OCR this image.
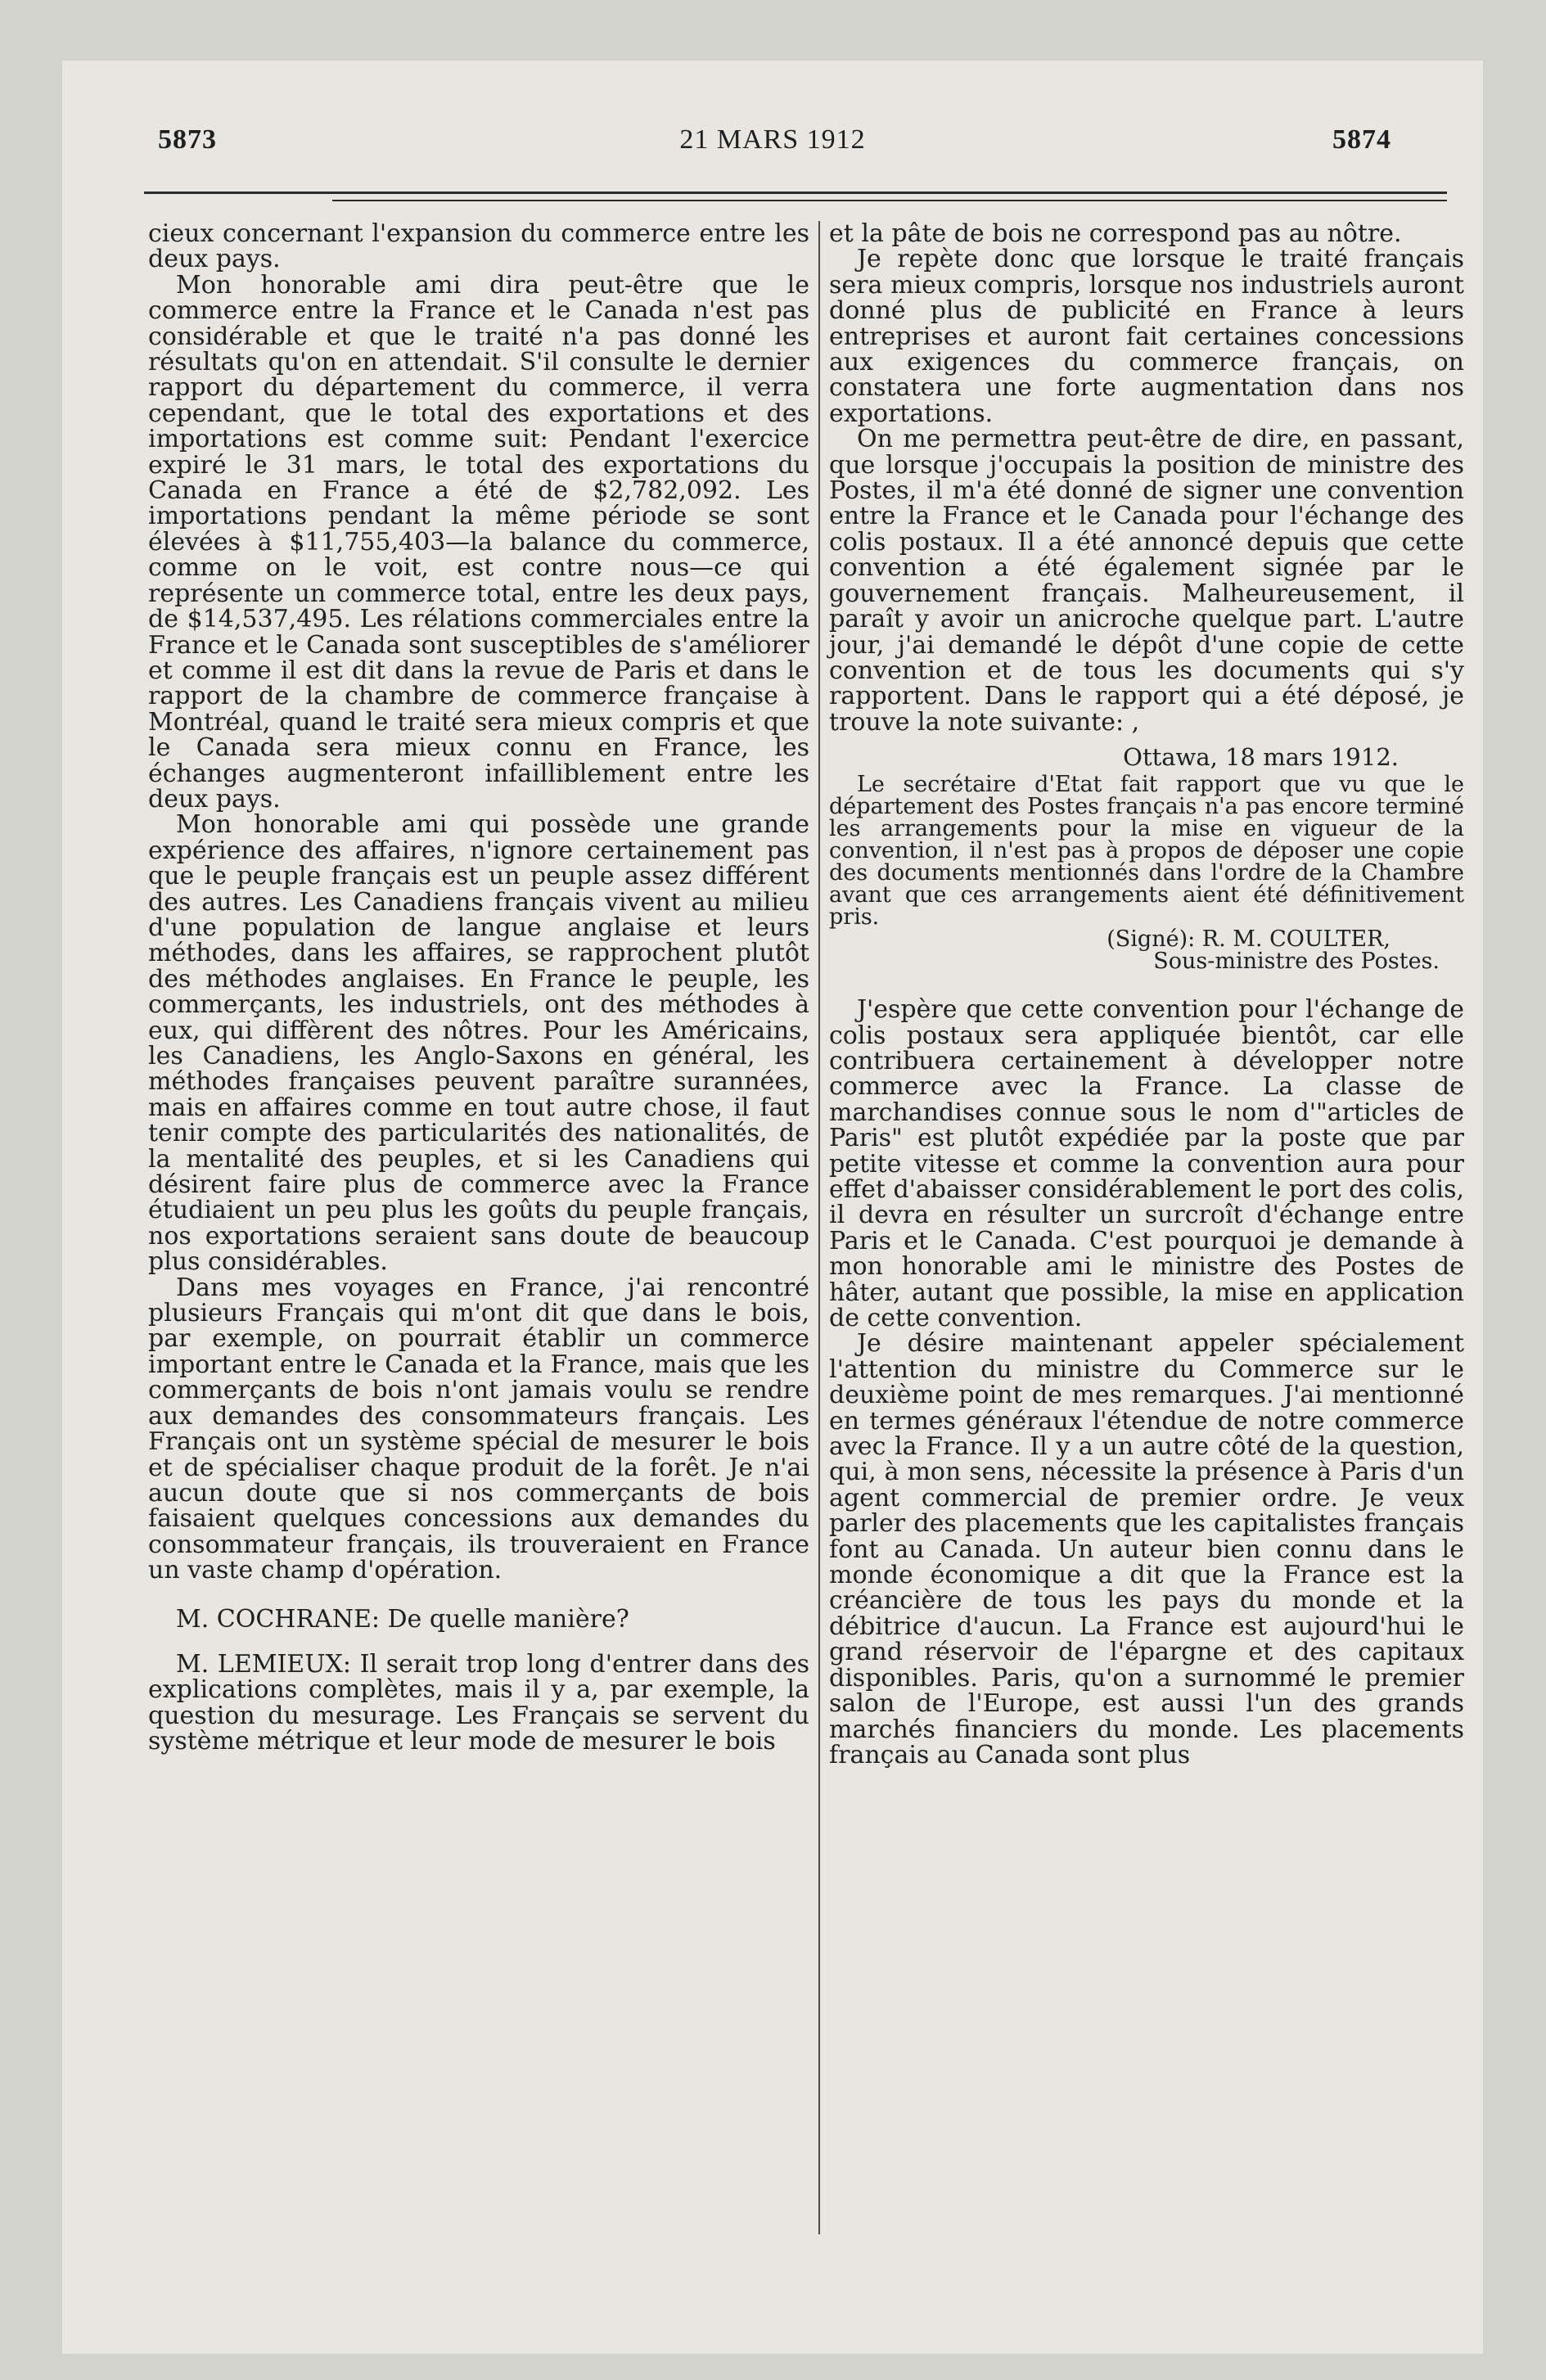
5873	21 MARS 1912	5874

cieux concernant l'expansion du commerce entre les deux pays.

Mon honorable ami dira peut-être que le commerce entre la France et le Canada n'est pas considérable et que le traité n'a pas donné les résultats qu'on en attendait. S'il consulte le dernier rapport du département du commerce, il verra cependant, que le total des exportations et des importations est comme suit: Pendant l'exercice expiré le 31 mars, le total des exportations du Canada en France a été de $2,782,092. Les importations pendant la même période se sont élevées à $11,755,403—la balance du commerce, comme on le voit, est contre nous—ce qui représente un commerce total, entre les deux pays, de $14,537,495. Les rélations commerciales entre la France et le Canada sont susceptibles de s'améliorer et comme il est dit dans la revue de Paris et dans le rapport de la chambre de commerce française à Montréal, quand le traité sera mieux compris et que le Canada sera mieux connu en France, les échanges augmenteront infailliblement entre les deux pays.

Mon honorable ami qui possède une grande expérience des affaires, n'ignore certainement pas que le peuple français est un peuple assez différent des autres. Les Canadiens français vivent au milieu d'une population de langue anglaise et leurs méthodes, dans les affaires, se rapprochent plutôt des méthodes anglaises. En France le peuple, les commerçants, les industriels, ont des méthodes à eux, qui diffèrent des nôtres. Pour les Américains, les Canadiens, les Anglo-Saxons en général, les méthodes françaises peuvent paraître surannées, mais en affaires comme en tout autre chose, il faut tenir compte des particularités des nationalités, de la mentalité des peuples, et si les Canadiens qui désirent faire plus de commerce avec la France étudiaient un peu plus les goûts du peuple français, nos exportations seraient sans doute de beaucoup plus considérables.

Dans mes voyages en France, j'ai rencontré plusieurs Français qui m'ont dit que dans le bois, par exemple, on pourrait établir un commerce important entre le Canada et la France, mais que les commerçants de bois n'ont jamais voulu se rendre aux demandes des consommateurs français. Les Français ont un système spécial de mesurer le bois et de spécialiser chaque produit de la forêt. Je n'ai aucun doute que si nos commerçants de bois faisaient quelques concessions aux demandes du consommateur français, ils trouveraient en France un vaste champ d'opération.

M. COCHRANE: De quelle manière?

M. LEMIEUX: Il serait trop long d'entrer dans des explications complètes, mais il y a, par exemple, la question du mesurage. Les Français se servent du système métrique et leur mode de mesurer le bois

et la pâte de bois ne correspond pas au nôtre.

Je repète donc que lorsque le traité français sera mieux compris, lorsque nos industriels auront donné plus de publicité en France à leurs entreprises et auront fait certaines concessions aux exigences du commerce français, on constatera une forte augmentation dans nos exportations.

On me permettra peut-être de dire, en passant, que lorsque j'occupais la position de ministre des Postes, il m'a été donné de signer une convention entre la France et le Canada pour l'échange des colis postaux. Il a été annoncé depuis que cette convention a été également signée par le gouvernement français. Malheureusement, il paraît y avoir un anicroche quelque part. L'autre jour, j'ai demandé le dépôt d'une copie de cette convention et de tous les documents qui s'y rapportent. Dans le rapport qui a été déposé, je trouve la note suivante: ,

Ottawa, 18 mars 1912.

Le secrétaire d'Etat fait rapport que vu que le département des Postes français n'a pas encore terminé les arrangements pour la mise en vigueur de la convention, il n'est pas à propos de déposer une copie des documents mentionnés dans l'ordre de la Chambre avant que ces arrangements aient été définitivement pris.

(Signé): R. M. COULTER,
Sous-ministre des Postes.

J'espère que cette convention pour l'échange de colis postaux sera appliquée bientôt, car elle contribuera certainement à développer notre commerce avec la France. La classe de marchandises connue sous le nom d'"articles de Paris" est plutôt expédiée par la poste que par petite vitesse et comme la convention aura pour effet d'abaisser considérablement le port des colis, il devra en résulter un surcroît d'échange entre Paris et le Canada. C'est pourquoi je demande à mon honorable ami le ministre des Postes de hâter, autant que possible, la mise en application de cette convention.

Je désire maintenant appeler spécialement l'attention du ministre du Commerce sur le deuxième point de mes remarques. J'ai mentionné en termes généraux l'étendue de notre commerce avec la France. Il y a un autre côté de la question, qui, à mon sens, nécessite la présence à Paris d'un agent commercial de premier ordre. Je veux parler des placements que les capitalistes français font au Canada. Un auteur bien connu dans le monde économique a dit que la France est la créancière de tous les pays du monde et la débitrice d'aucun. La France est aujourd'hui le grand réservoir de l'épargne et des capitaux disponibles. Paris, qu'on a surnommé le premier salon de l'Europe, est aussi l'un des grands marchés financiers du monde. Les placements français au Canada sont plus
